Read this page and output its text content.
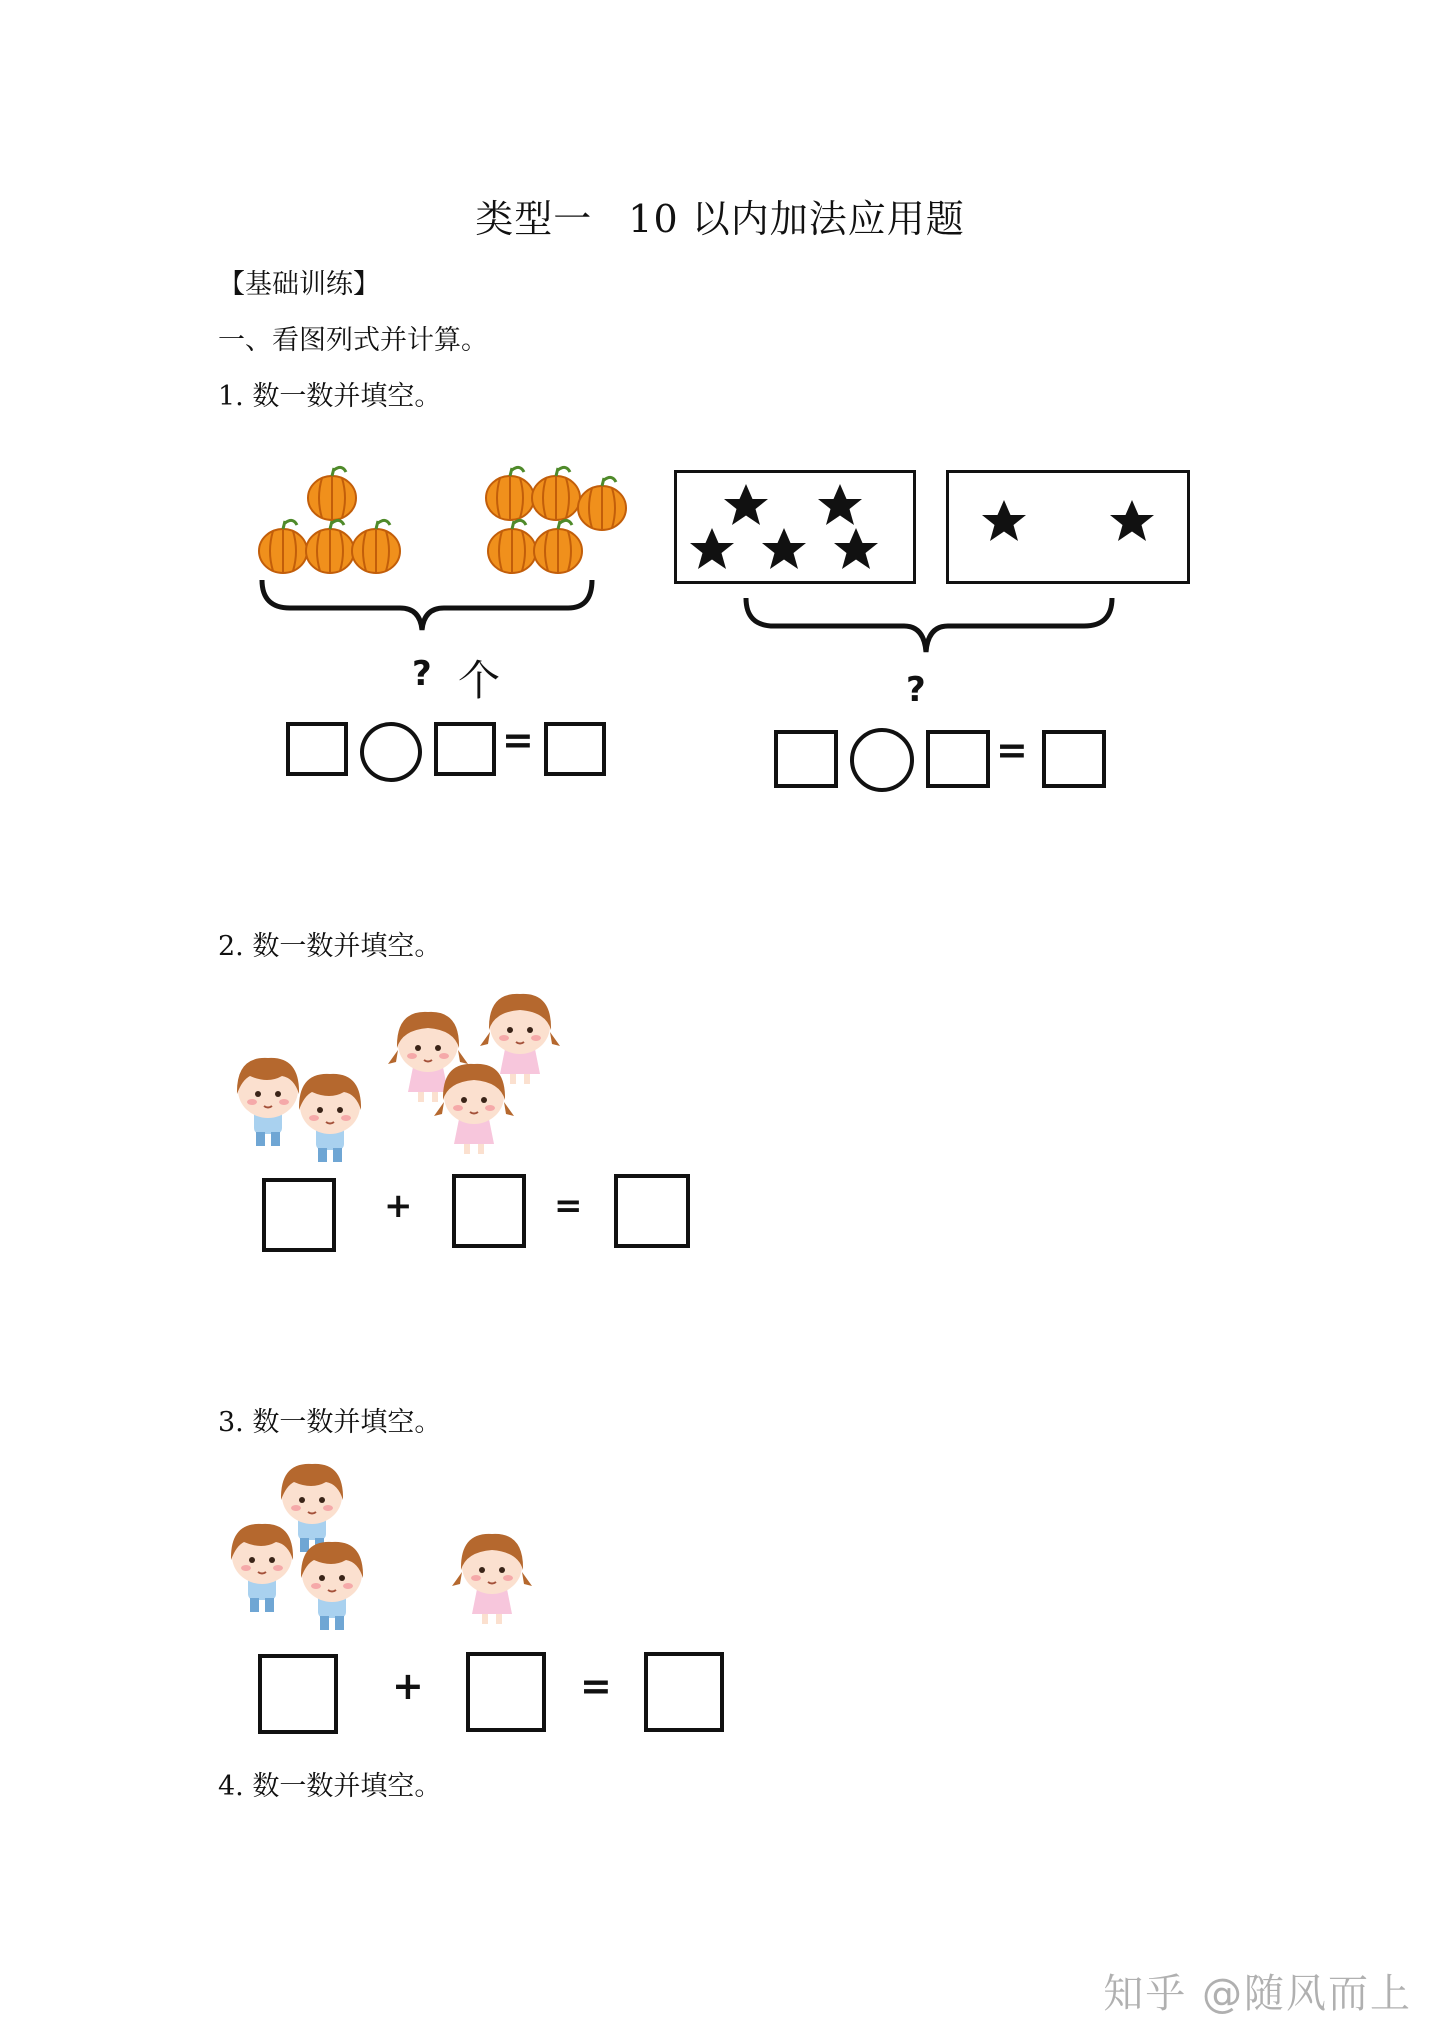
类型一 10 以内加法应用题
【基础训练】
一、看图列式并计算。
1. 数一数并填空。
? 个	?
=	=
2. 数一数并填空。
+	=
3. 数一数并填空。
+	=
4. 数一数并填空。
知乎 @随风而上
